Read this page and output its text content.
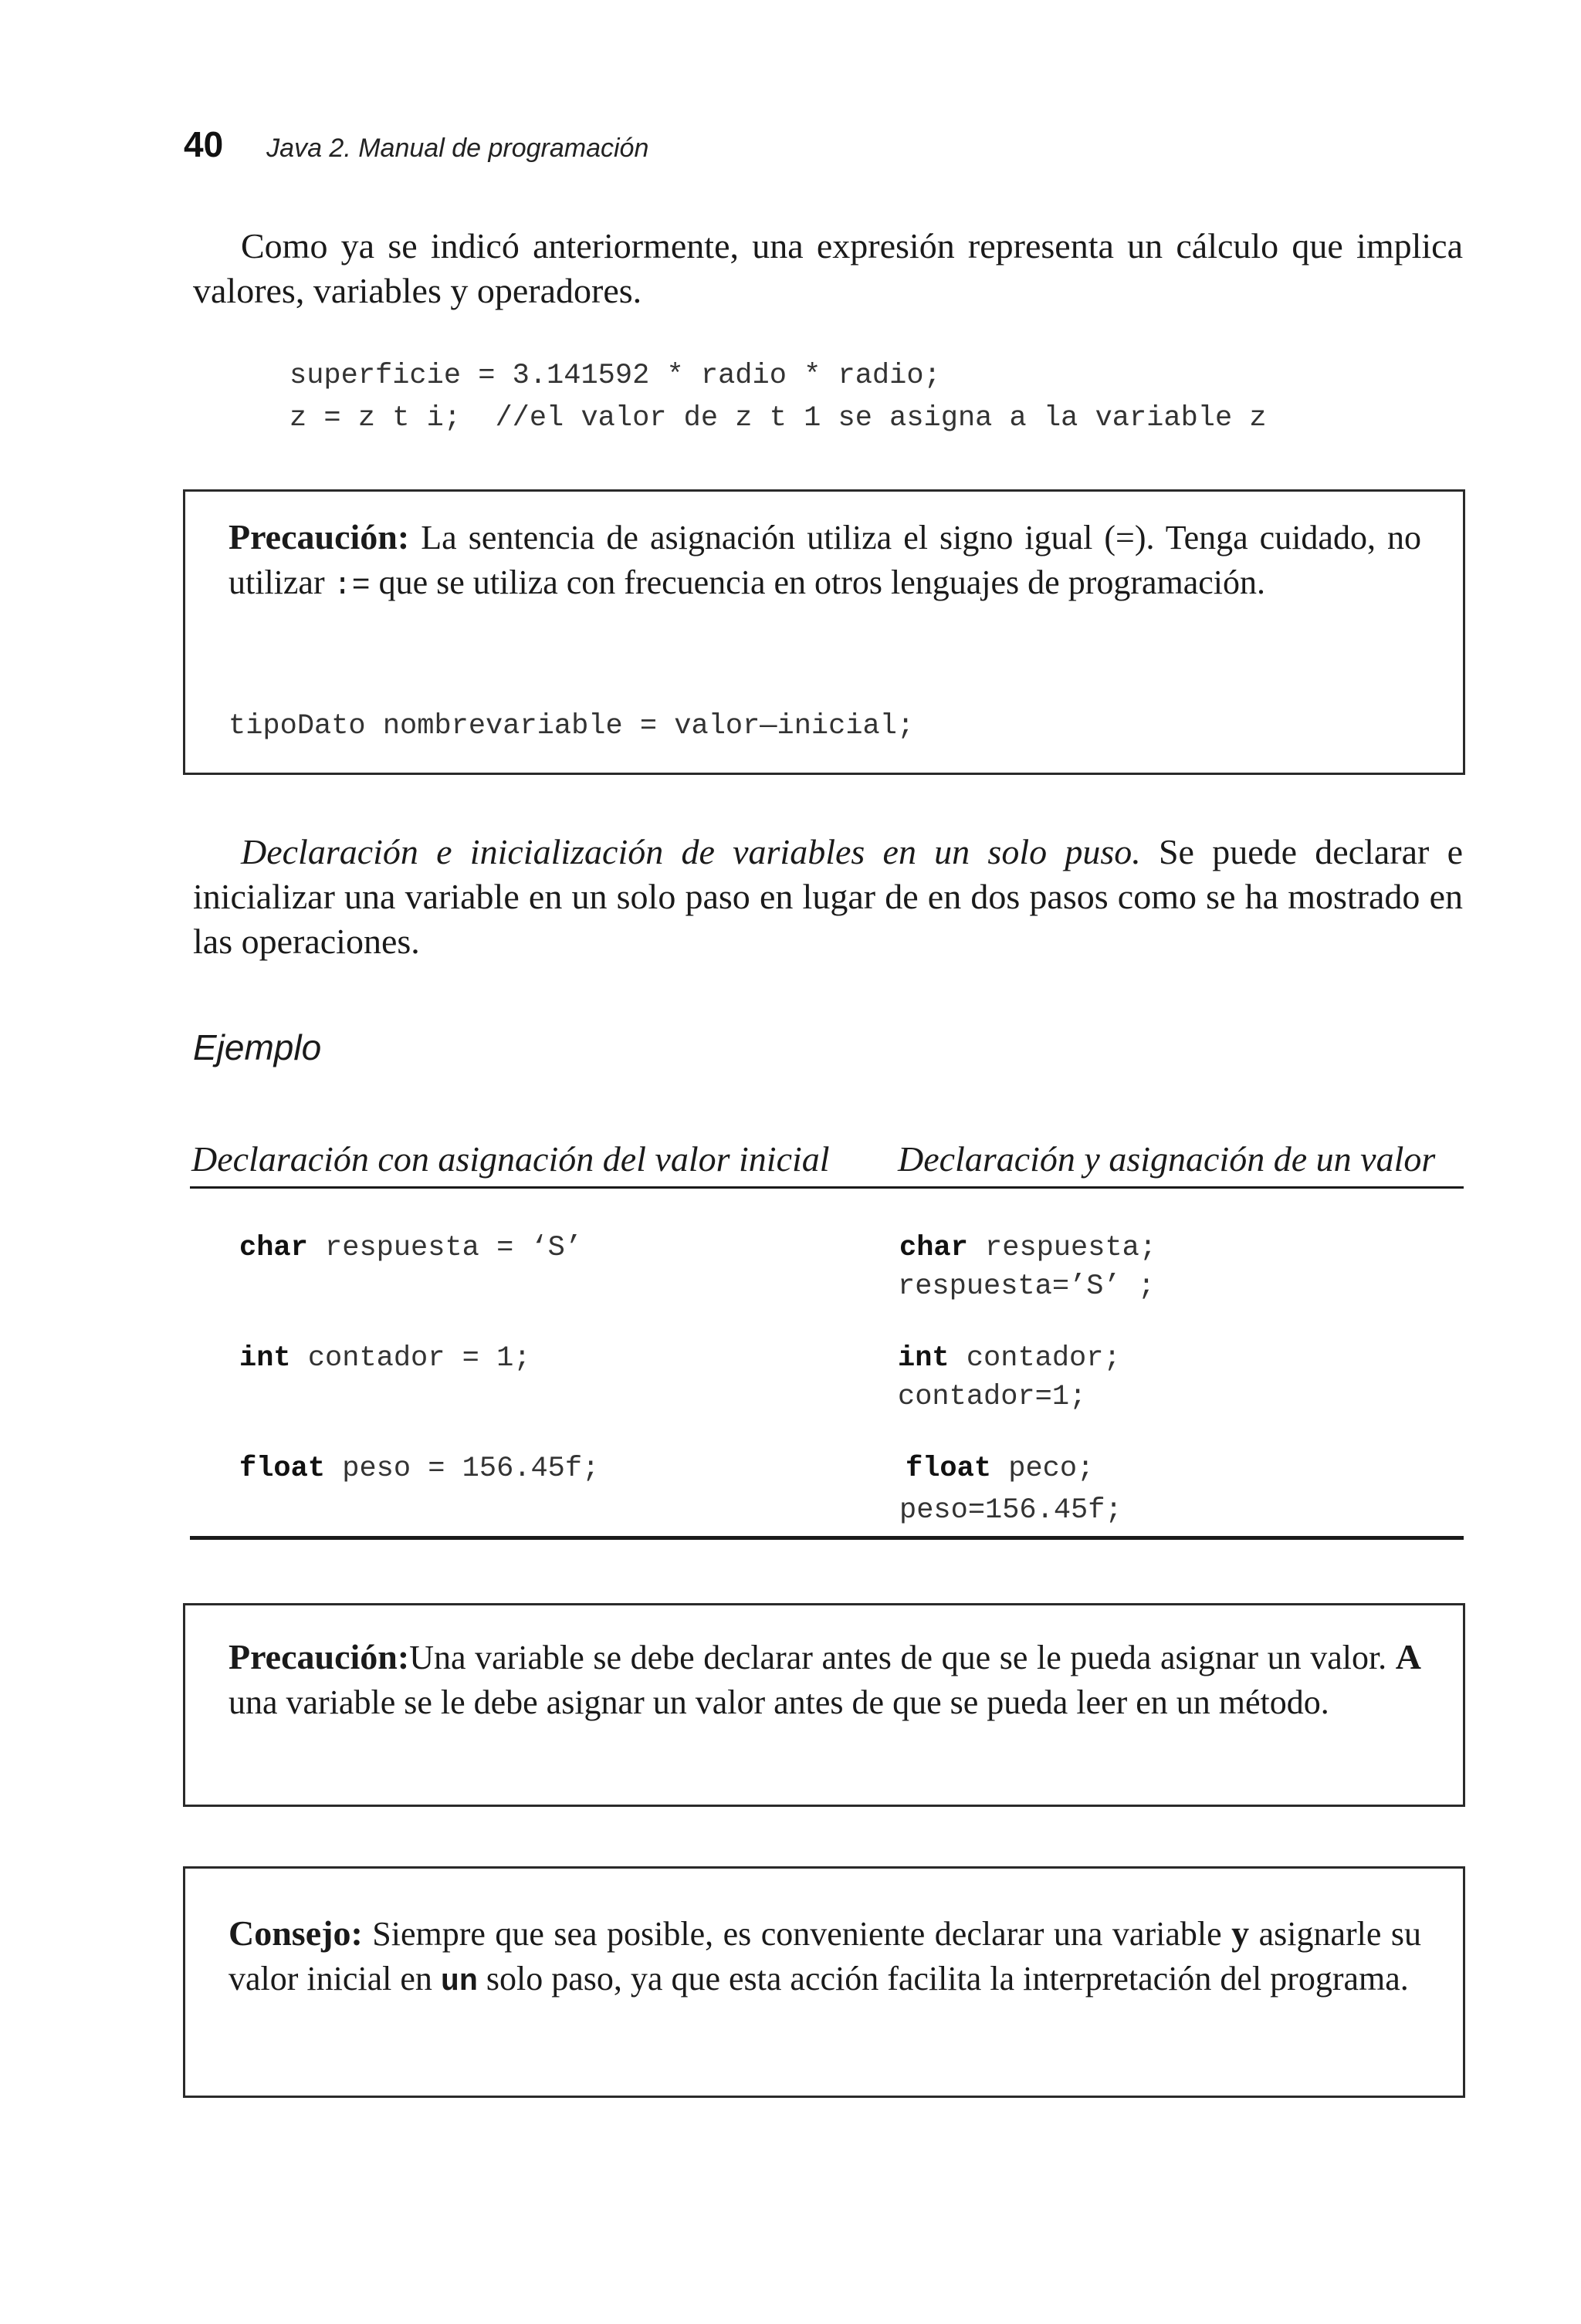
40 Java 2. Manual de programación
Como ya se indicó anteriormente, una expresión representa un cálculo que implica valores, variables y operadores.
superficie = 3.141592 * radio * radio;
z = z t i;  //el valor de z t 1 se asigna a la variable z
Precaución: La sentencia de asignación utiliza el signo igual (=). Tenga cuidado, no utilizar := que se utiliza con frecuencia en otros lenguajes de programación.
tipoDato nombrevariable = valor—inicial;
Declaración e inicialización de variables en un solo puso. Se puede declarar e inicializar una variable en un solo paso en lugar de en dos pasos como se ha mostrado en las operaciones.
Ejemplo
Declaración con asignación del valor inicial Declaración y asignación de un valor
char respuesta = ‘S’	char respuesta;
respuesta=’S’ ;
int contador = 1;	int contador;
contador=1;
float peso = 156.45f;	float peco;
peso=156.45f;
Precaución:Una variable se debe declarar antes de que se le pueda asignar un valor. A una variable se le debe asignar un valor antes de que se pueda leer en un método.
Consejo: Siempre que sea posible, es conveniente declarar una variable y asignarle su valor inicial en un solo paso, ya que esta acción facilita la interpretación del programa.
